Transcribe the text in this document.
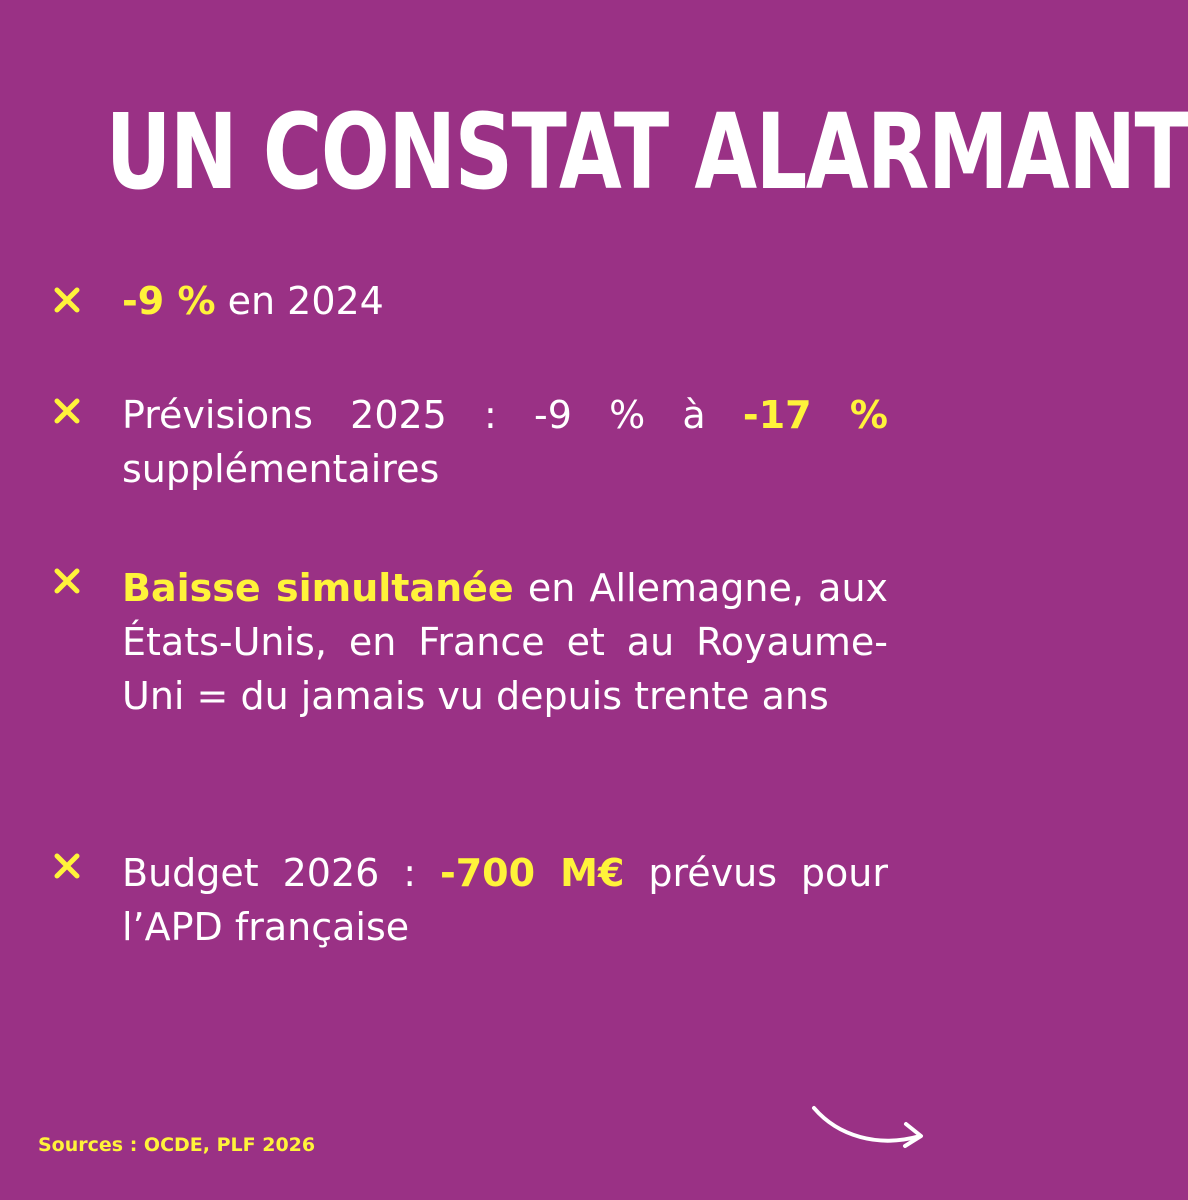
UN CONSTAT ALARMANT
-9 % en 2024
Prévisions 2025 : -9 % à -17 % supplémentaires
Baisse simultanée en Allemagne, aux États-Unis, en France et au Royaume-Uni = du jamais vu depuis trente ans
Budget 2026 : -700 M€ prévus pour l’APD française
Sources : OCDE, PLF 2026
